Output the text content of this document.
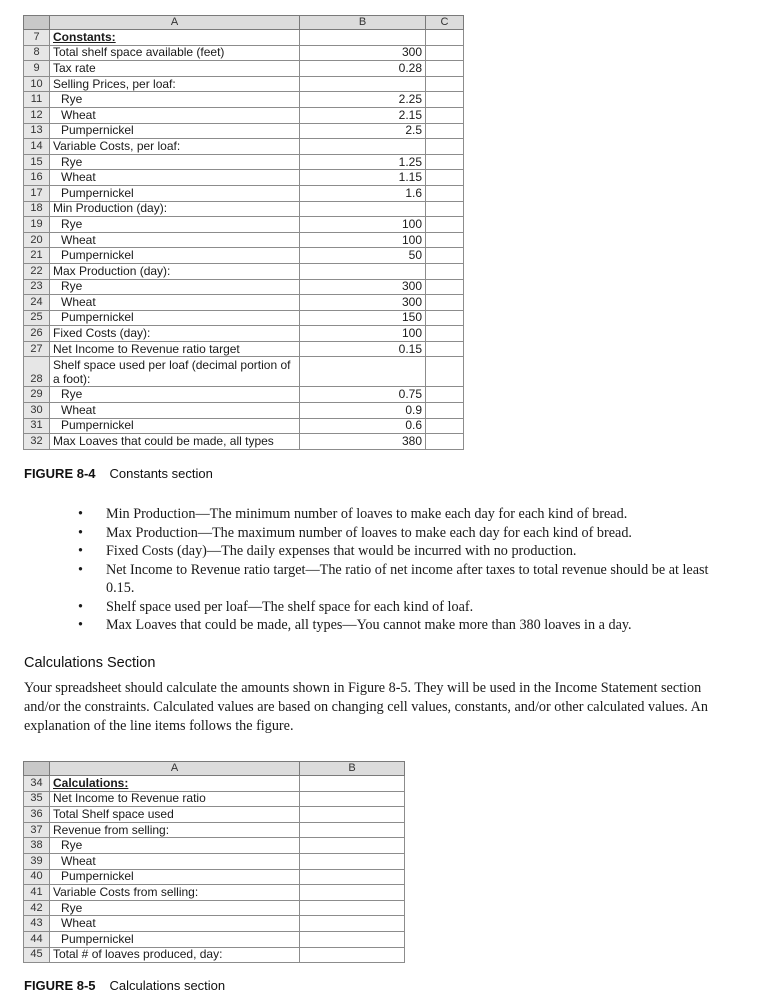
	A	B	C
7	Constants:		
8	Total shelf space available (feet)	300	
9	Tax rate	0.28	
10	Selling Prices, per loaf:		
11	Rye	2.25	
12	Wheat	2.15	
13	Pumpernickel	2.5	
14	Variable Costs, per loaf:		
15	Rye	1.25	
16	Wheat	1.15	
17	Pumpernickel	1.6	
18	Min Production (day):		
19	Rye	100	
20	Wheat	100	
21	Pumpernickel	50	
22	Max Production (day):		
23	Rye	300	
24	Wheat	300	
25	Pumpernickel	150	
26	Fixed Costs (day):	100	
27	Net Income to Revenue ratio target	0.15	
28	Shelf space used per loaf (decimal portion of a foot):		
29	Rye	0.75	
30	Wheat	0.9	
31	Pumpernickel	0.6	
32	Max Loaves that could be made, all types	380	
FIGURE 8-4 Constants section
• Min Production—The minimum number of loaves to make each day for each kind of bread.
• Max Production—The maximum number of loaves to make each day for each kind of bread.
• Fixed Costs (day)—The daily expenses that would be incurred with no production.
• Net Income to Revenue ratio target—The ratio of net income after taxes to total revenue should be at least 0.15.
• Shelf space used per loaf—The shelf space for each kind of loaf.
• Max Loaves that could be made, all types—You cannot make more than 380 loaves in a day.
Calculations Section

Your spreadsheet should calculate the amounts shown in Figure 8-5. They will be used in the Income Statement section and/or the constraints. Calculated values are based on changing cell values, constants, and/or other calculated values. An explanation of the line items follows the figure.

	A	B
34	Calculations:	
35	Net Income to Revenue ratio	
36	Total Shelf space used	
37	Revenue from selling:	
38	Rye	
39	Wheat	
40	Pumpernickel	
41	Variable Costs from selling:	
42	Rye	
43	Wheat	
44	Pumpernickel	
45	Total # of loaves produced, day:	
FIGURE 8-5 Calculations section
